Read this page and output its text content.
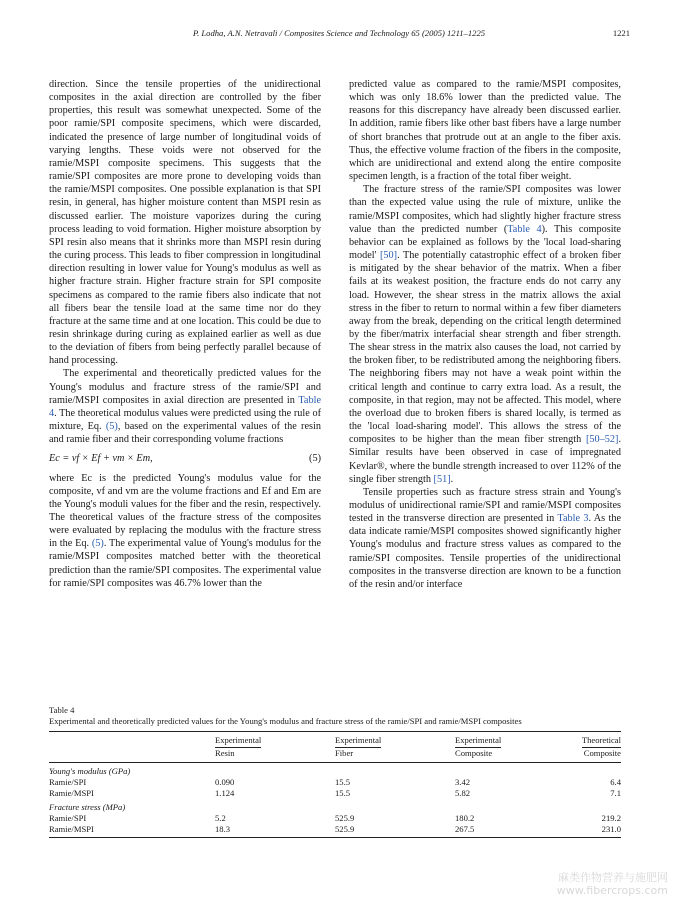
P. Lodha, A.N. Netravali / Composites Science and Technology 65 (2005) 1211–1225	1221

direction. Since the tensile properties of the unidirectional composites in the axial direction are controlled by the fiber properties, this result was somewhat unexpected. Some of the poor ramie/SPI composite specimens, which were discarded, indicated the presence of large number of longitudinal voids of varying lengths. These voids were not observed for the ramie/MSPI composite specimens. This suggests that the ramie/SPI composites are more prone to developing voids than the ramie/MSPI composites. One possible explanation is that SPI resin, in general, has higher moisture content than MSPI resin as discussed earlier. The moisture vaporizes during the curing process leading to void formation. Higher moisture absorption by SPI resin also means that it shrinks more than MSPI resin during the curing process. This leads to fiber compression in longitudinal direction resulting in lower value for Young's modulus as well as higher fracture strain. Higher fracture strain for SPI composite specimens as compared to the ramie fibers also indicate that not all fibers bear the tensile load at the same time nor do they fracture at the same time and at one location. This could be due to resin shrinkage during curing as explained earlier as well as due to the deviation of fibers from being perfectly parallel because of hand processing.

The experimental and theoretically predicted values for the Young's modulus and fracture stress of the ramie/SPI and ramie/MSPI composites in axial direction are presented in Table 4. The theoretical modulus values were predicted using the rule of mixture, Eq. (5), based on the experimental values of the resin and ramie fiber and their corresponding volume fractions

Ec = vf × Ef + vm × Em,	(5)

where Ec is the predicted Young's modulus value for the composite, vf and vm are the volume fractions and Ef and Em are the Young's moduli values for the fiber and the resin, respectively. The theoretical values of the fracture stress of the composites were evaluated by replacing the modulus with the fracture stress in the Eq. (5). The experimental value of Young's modulus for the ramie/MSPI composites matched better with the theoretical prediction than the ramie/SPI composites. The experimental value for ramie/SPI composites was 46.7% lower than the

predicted value as compared to the ramie/MSPI composites, which was only 18.6% lower than the predicted value. The reasons for this discrepancy have already been discussed earlier. In addition, ramie fibers like other bast fibers have a large number of short branches that protrude out at an angle to the fiber axis. Thus, the effective volume fraction of the fibers in the composite, which are unidirectional and extend along the entire composite specimen length, is a fraction of the total fiber weight.

The fracture stress of the ramie/SPI composites was lower than the expected value using the rule of mixture, unlike the ramie/MSPI composites, which had slightly higher fracture stress value than the predicted number (Table 4). This composite behavior can be explained as follows by the 'local load-sharing model' [50]. The potentially catastrophic effect of a broken fiber is mitigated by the shear behavior of the matrix. When a fiber fails at its weakest position, the fracture ends do not carry any load. However, the shear stress in the matrix allows the axial stress in the fiber to return to normal within a few fiber diameters away from the break, depending on the critical length determined by the fiber/matrix interfacial shear strength and fiber strength. The shear stress in the matrix also causes the load, not carried by the broken fiber, to be redistributed among the neighboring fibers. The neighboring fibers may not have a weak point within the critical length and continue to carry extra load. As a result, the composite, in that region, may not be affected. This model, where the overload due to broken fibers is shared locally, is termed as the 'local load-sharing model'. This allows the stress of the composites to be higher than the mean fiber strength [50–52]. Similar results have been observed in case of impregnated Kevlar®, where the bundle strength increased to over 112% of the single fiber strength [51].

Tensile properties such as fracture stress strain and Young's modulus of unidirectional ramie/SPI and ramie/MSPI composites tested in the transverse direction are presented in Table 3. As the data indicate ramie/MSPI composites showed significantly higher Young's modulus and fracture stress values as compared to the ramie/SPI composites. Tensile properties of the unidirectional composites in the transverse direction are known to be a function of the resin and/or interface

Table 4

Experimental and theoretically predicted values for the Young's modulus and fracture stress of the ramie/SPI and ramie/MSPI composites

	Experimental	Experimental	Experimental	Theoretical
	Resin	Fiber	Composite	Composite
Young's modulus (GPa)				
Ramie/SPI	0.090	15.5	3.42	6.4
Ramie/MSPI	1.124	15.5	5.82	7.1
Fracture stress (MPa)				
Ramie/SPI	5.2	525.9	180.2	219.2
Ramie/MSPI	18.3	525.9	267.5	231.0
麻类作物营养与施肥网
www.fibercrops.com
